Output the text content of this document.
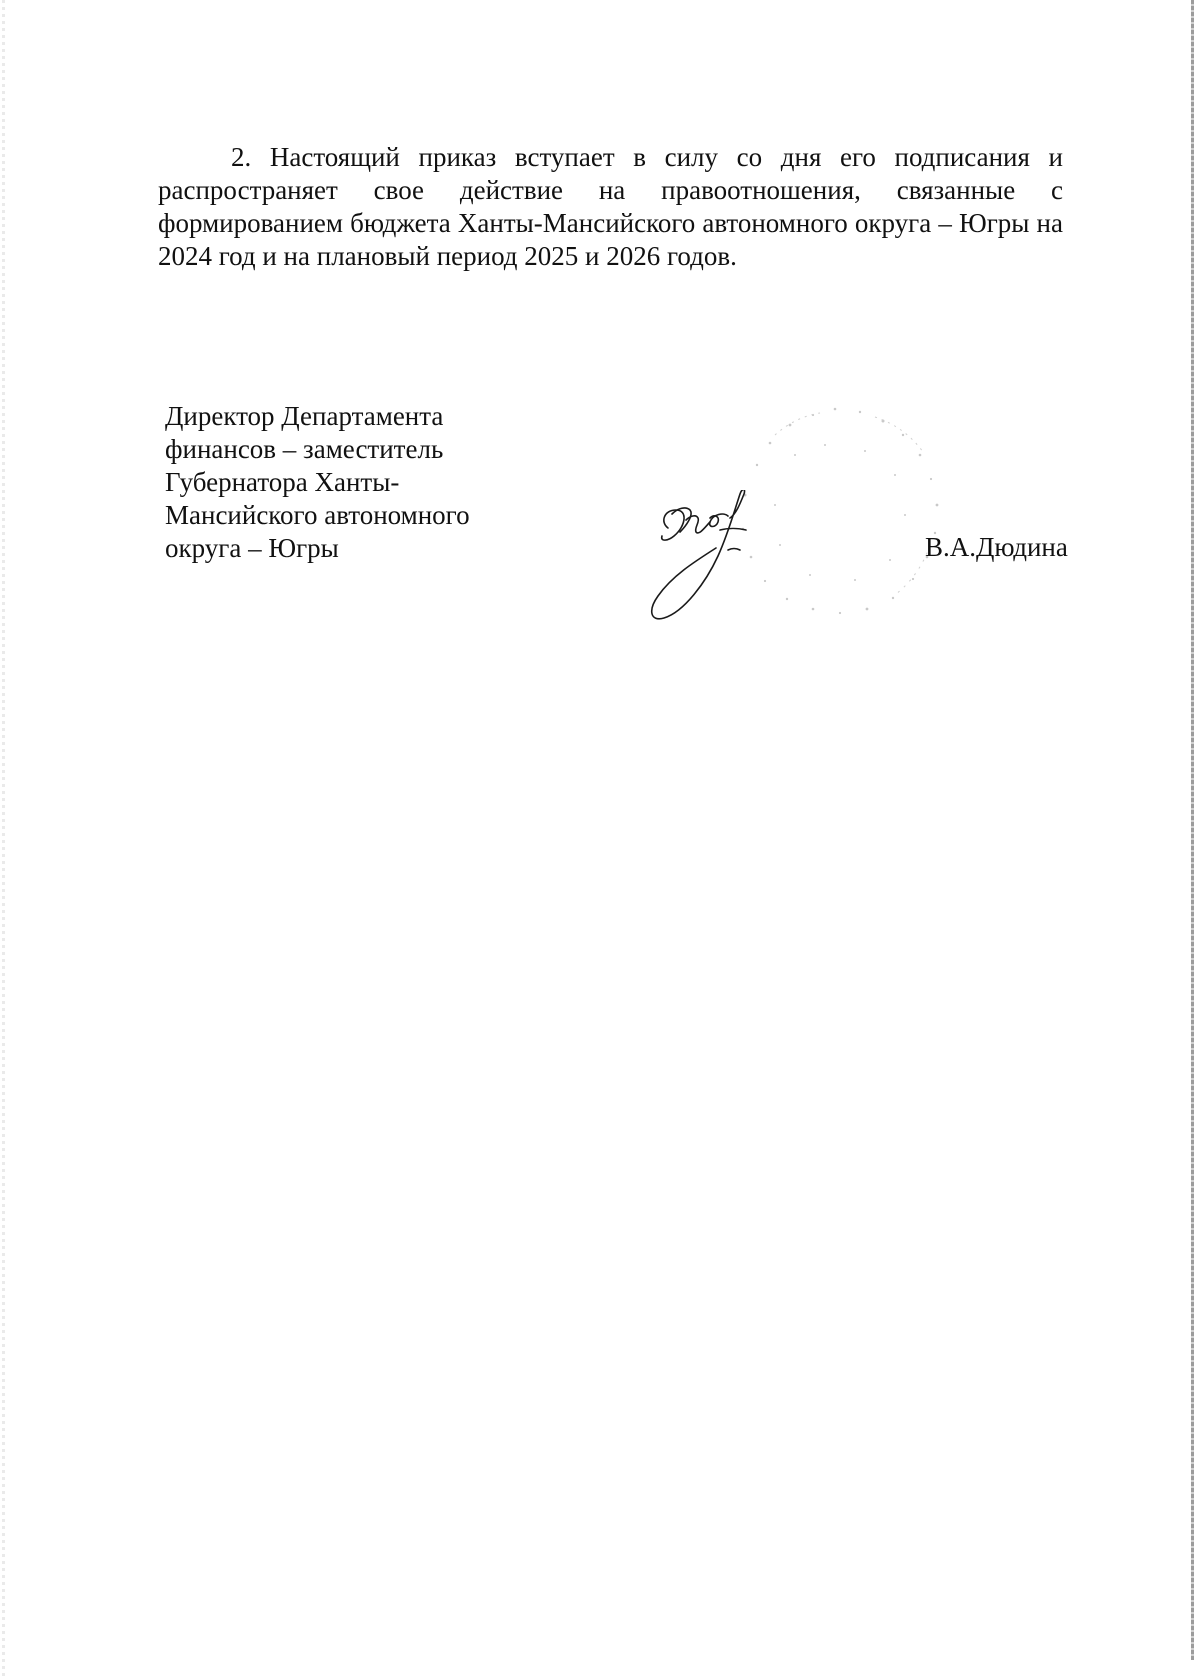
2. Настоящий приказ вступает в силу со дня его подписания и распространяет свое действие на правоотношения, связанные с формированием бюджета Ханты-Мансийского автономного округа – Югры на 2024 год и на плановый период 2025 и 2026 годов.

Директор Департамента
финансов – заместитель
Губернатора Ханты-
Мансийского автономного
округа – Югры	В.А.Дюдина
